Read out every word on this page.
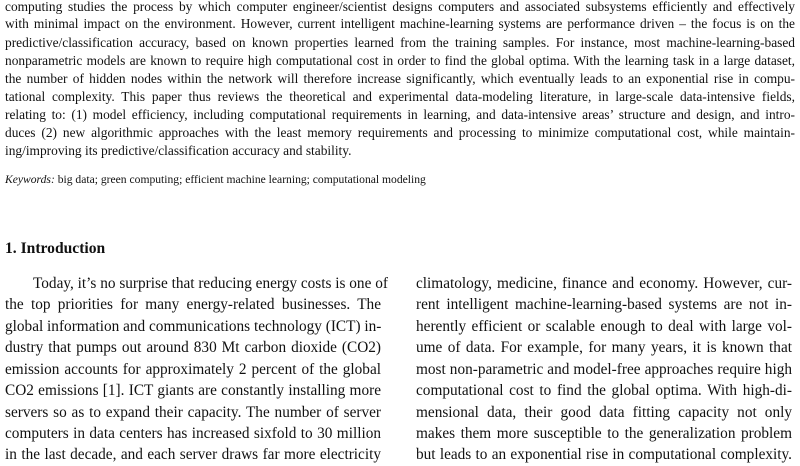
computing studies the process by which computer engineer/scientist designs computers and associated subsystems efficiently and effectively
with minimal impact on the environment. However, current intelligent machine-learning systems are performance driven – the focus is on the
predictive/classification accuracy, based on known properties learned from the training samples. For instance, most machine-learning-based
nonparametric models are known to require high computational cost in order to find the global optima. With the learning task in a large dataset,
the number of hidden nodes within the network will therefore increase significantly, which eventually leads to an exponential rise in compu-
tational complexity. This paper thus reviews the theoretical and experimental data-modeling literature, in large-scale data-intensive fields,
relating to: (1) model efficiency, including computational requirements in learning, and data-intensive areas’ structure and design, and intro-
duces (2) new algorithmic approaches with the least memory requirements and processing to minimize computational cost, while maintain-
ing/improving its predictive/classification accuracy and stability.
Keywords: big data; green computing; efficient machine learning; computational modeling
1. Introduction
Today, it’s no surprise that reducing energy costs is one of
the top priorities for many energy-related businesses. The
global information and communications technology (ICT) in-
dustry that pumps out around 830 Mt carbon dioxide (CO2)
emission accounts for approximately 2 percent of the global
CO2 emissions [1]. ICT giants are constantly installing more
servers so as to expand their capacity. The number of server
computers in data centers has increased sixfold to 30 million
in the last decade, and each server draws far more electricity
climatology, medicine, finance and economy. However, cur-
rent intelligent machine-learning-based systems are not in-
herently efficient or scalable enough to deal with large vol-
ume of data. For example, for many years, it is known that
most non-parametric and model-free approaches require high
computational cost to find the global optima. With high-di-
mensional data, their good data fitting capacity not only
makes them more susceptible to the generalization problem
but leads to an exponential rise in computational complexity.
